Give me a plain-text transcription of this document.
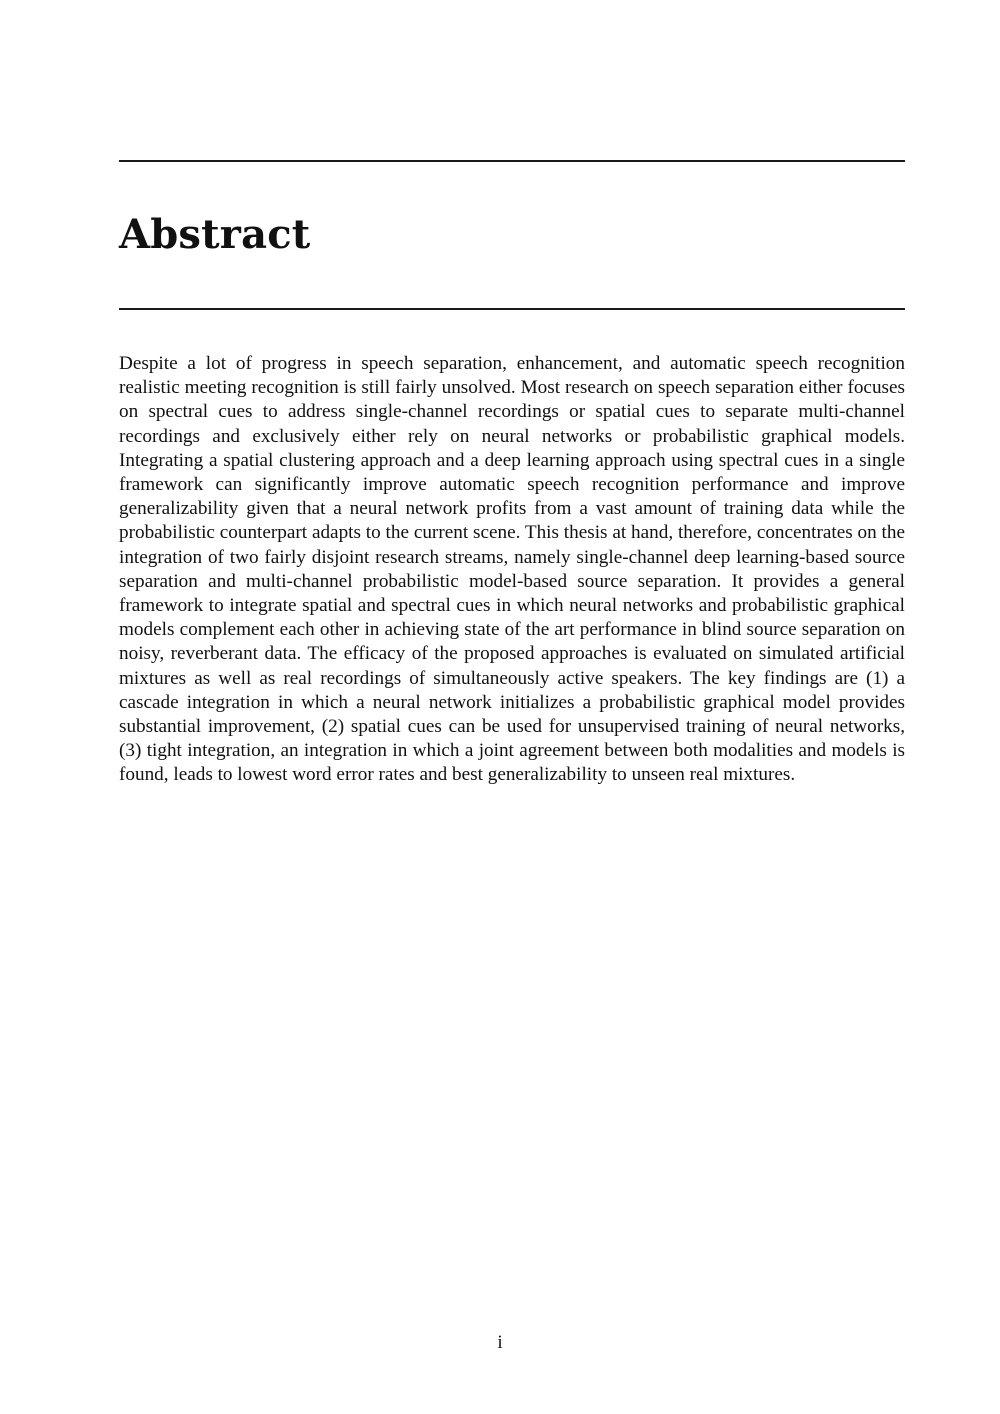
Abstract

Despite a lot of progress in speech separation, enhancement, and automatic speech recognition realistic meeting recognition is still fairly unsolved. Most research on speech separation either focuses on spectral cues to address single-channel recordings or spatial cues to separate multi-channel recordings and exclusively either rely on neural networks or probabilistic graphical models. Integrating a spatial clustering approach and a deep learning approach using spectral cues in a single framework can significantly improve automatic speech recognition performance and improve generalizability given that a neural network profits from a vast amount of training data while the probabilistic counterpart adapts to the current scene. This thesis at hand, therefore, concentrates on the integration of two fairly disjoint research streams, namely single-channel deep learning-based source separation and multi-channel probabilistic model-based source separation. It provides a general framework to integrate spatial and spectral cues in which neural networks and probabilistic graphical models complement each other in achieving state of the art performance in blind source separation on noisy, reverberant data. The efficacy of the proposed approaches is evaluated on simulated artificial mixtures as well as real recordings of simultaneously active speakers. The key findings are (1) a cascade integration in which a neural network initializes a probabilistic graphical model provides substantial improvement, (2) spatial cues can be used for unsupervised training of neural networks, (3) tight integration, an integration in which a joint agreement between both modalities and models is found, leads to lowest word error rates and best generalizability to unseen real mixtures.

i
